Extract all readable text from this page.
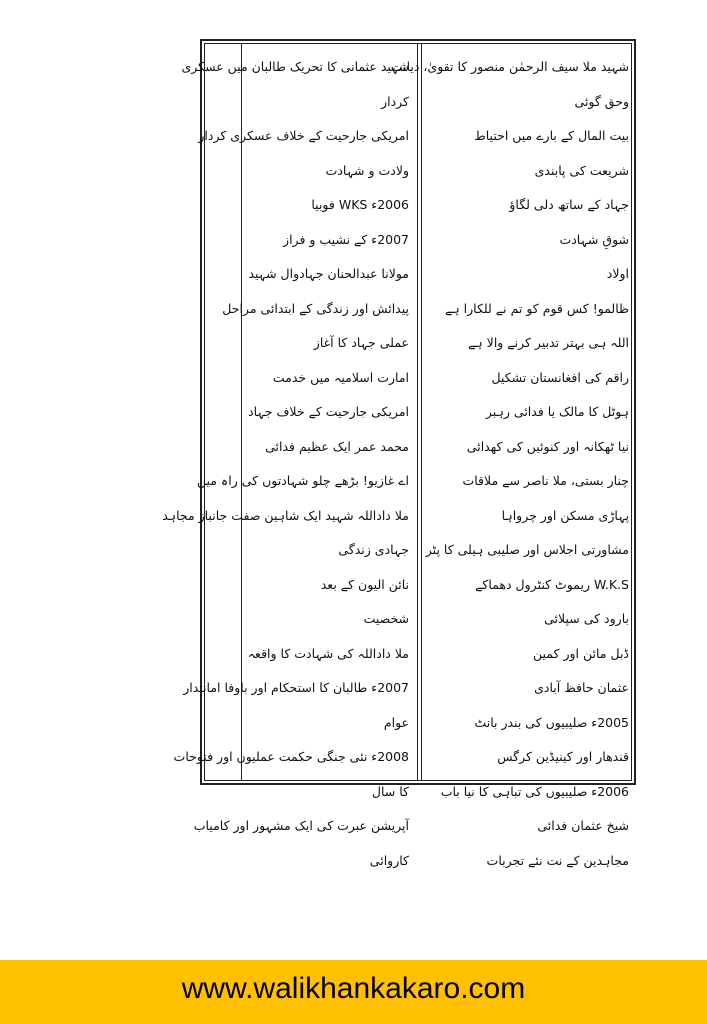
شہید ملا سیف الرحمٰن منصور کا تقویٰ، دیانت
وحق گوئی
بیت المال کے بارے میں احتیاط
شریعت کی پابندی
جہاد کے ساتھ دلی لگاؤ
شوقِ شہادت
اولاد
ظالمو! کس قوم کو تم نے للکارا ہے
اللہ ہی بہتر تدبیر کرنے والا ہے
راقم کی افغانستان تشکیل
ہوٹل کا مالک یا فدائی رہبر
نیا ٹھکانہ اور کنوئیں کی کھدائی
چنار بستی، ملا ناصر سے ملاقات
پہاڑی مسکن اور چرواہا
مشاورتی اجلاس اور صلیبی ہیلی کا پٹر
W.K.S ریموٹ کنٹرول دھماکے
بارود کی سپلائی
ڈبل مائن اور کمین
عثمان حافظ آبادی
2005ء صلیبیوں کی بندر بانٹ
قندھار اور کینیڈین کرگس
2006ء صلیبیوں کی تباہی کا نیا باب
شیخ عثمان فدائی
مجاہدین کے نت نئے تجربات
شہید عثمانی کا تحریک طالبان میں عسکری
کردار
امریکی جارحیت کے خلاف عسکری کردار
ولادت و شہادت
2006ء WKS فوبیا
2007ء کے نشیب و فراز
مولانا عبدالحنان جہادوال شہید
پیدائش اور زندگی کے ابتدائی مراحل
عملی جہاد کا آغاز
امارت اسلامیہ میں خدمت
امریکی جارحیت کے خلاف جہاد
محمد عمر ایک عظیم فدائی
اے غازیو! بڑھے چلو شہادتوں کی راہ میں
ملا داداللہ شہید ایک شاہین صفت جانباز مجاہد
جہادی زندگی
نائن الیون کے بعد
شخصیت
ملا داداللہ کی شہادت کا واقعہ
2007ء طالبان کا استحکام اور باوفا امانتدار
عوام
2008ء نئی جنگی حکمت عملیوں اور فتوحات
کا سال
آپریشن عبرت کی ایک مشہور اور کامیاب
کاروائی
www.walikhankakaro.com
